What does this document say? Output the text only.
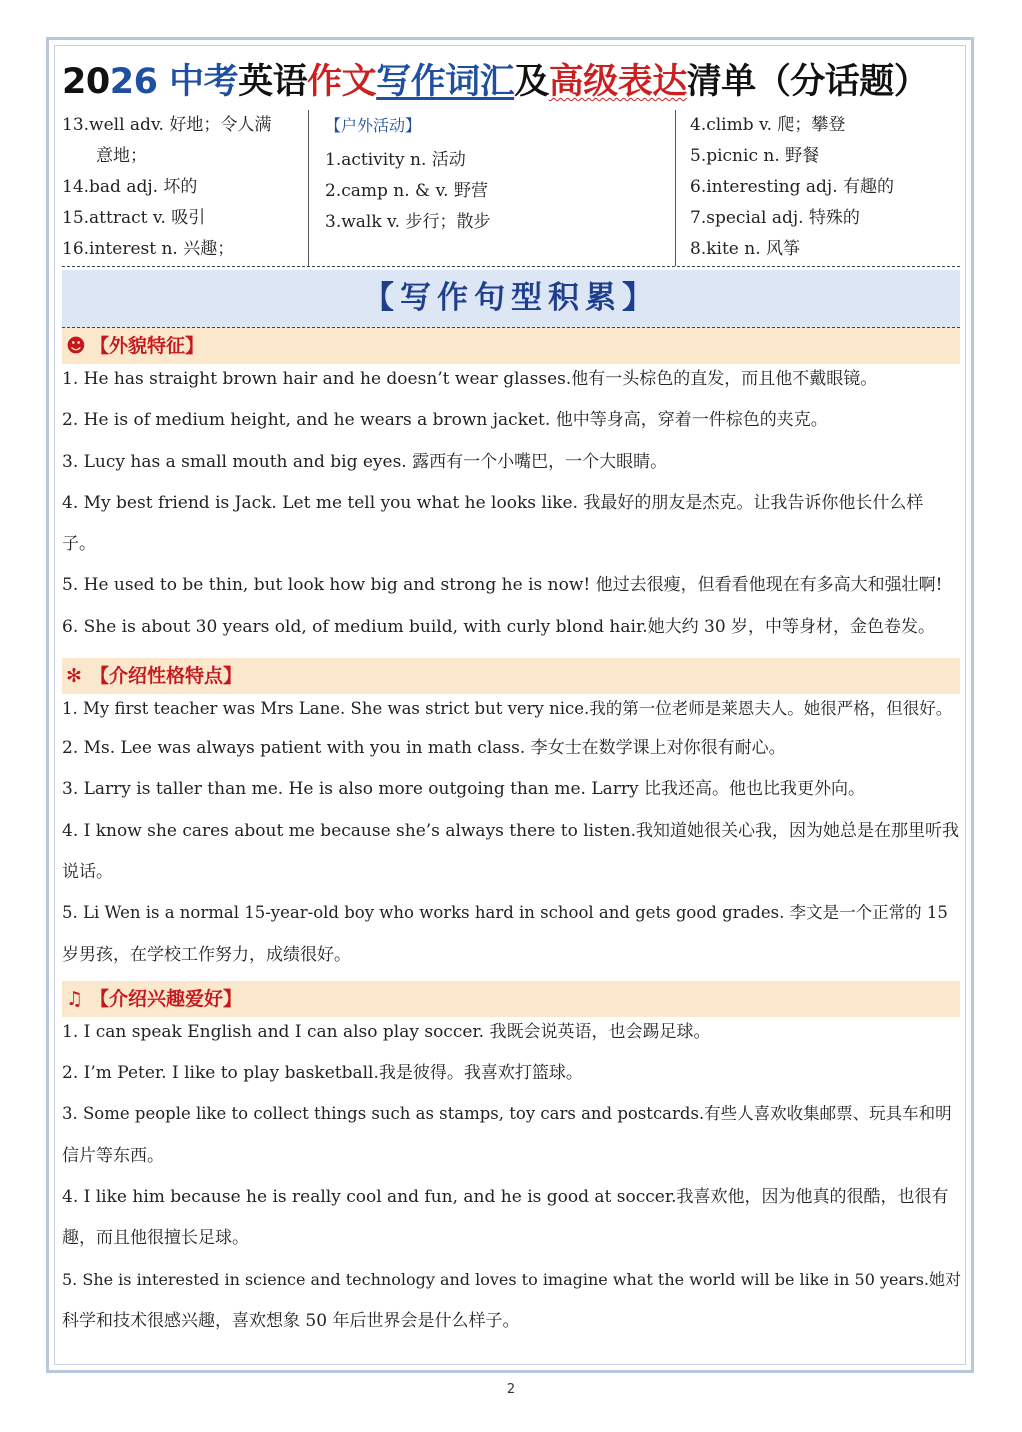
2026 中考英语作文写作词汇及高级表达清单（分话题）
13.well adv. 好地；令人满
意地；
14.bad adj. 坏的
15.attract v. 吸引
16.interest n. 兴趣；
【户外活动】
1.activity n. 活动
2.camp n. & v. 野营
3.walk v. 步行；散步
4.climb v. 爬；攀登
5.picnic n. 野餐
6.interesting adj. 有趣的
7.special adj. 特殊的
8.kite n. 风筝
【写作句型积累】
☻ 【外貌特征】
1. He has straight brown hair and he doesn’t wear glasses.他有一头棕色的直发，而且他不戴眼镜。
2. He is of medium height, and he wears a brown jacket. 他中等身高，穿着一件棕色的夹克。
3. Lucy has a small mouth and big eyes. 露西有一个小嘴巴，一个大眼睛。
4. My best friend is Jack. Let me tell you what he looks like. 我最好的朋友是杰克。让我告诉你他长什么样
子。
5. He used to be thin, but look how big and strong he is now! 他过去很瘦，但看看他现在有多高大和强壮啊!
6. She is about 30 years old, of medium build, with curly blond hair.她大约 30 岁，中等身材，金色卷发。
✻ 【介绍性格特点】
1. My first teacher was Mrs Lane. She was strict but very nice.我的第一位老师是莱恩夫人。她很严格，但很好。
2. Ms. Lee was always patient with you in math class. 李女士在数学课上对你很有耐心。
3. Larry is taller than me. He is also more outgoing than me. Larry 比我还高。他也比我更外向。
4. I know she cares about me because she’s always there to listen.我知道她很关心我，因为她总是在那里听我
说话。
5. Li Wen is a normal 15-year-old boy who works hard in school and gets good grades. 李文是一个正常的 15
岁男孩，在学校工作努力，成绩很好。
♫ 【介绍兴趣爱好】
1. I can speak English and I can also play soccer. 我既会说英语，也会踢足球。
2. I’m Peter. I like to play basketball.我是彼得。我喜欢打篮球。
3. Some people like to collect things such as stamps, toy cars and postcards.有些人喜欢收集邮票、玩具车和明
信片等东西。
4. I like him because he is really cool and fun, and he is good at soccer.我喜欢他，因为他真的很酷，也很有
趣，而且他很擅长足球。
5. She is interested in science and technology and loves to imagine what the world will be like in 50 years.她对
科学和技术很感兴趣，喜欢想象 50 年后世界会是什么样子。
2
